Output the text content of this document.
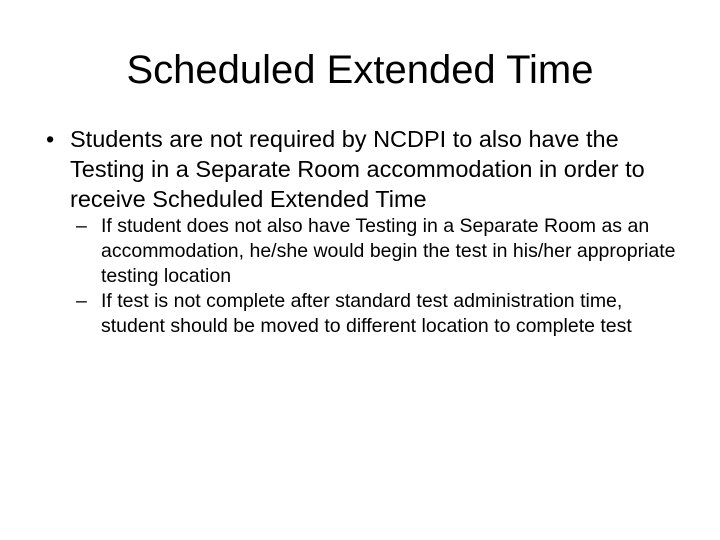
Scheduled Extended Time
• Students are not required by NCDPI to also have the Testing in a Separate Room accommodation in order to receive Scheduled Extended Time
– If student does not also have Testing in a Separate Room as an accommodation, he/she would begin the test in his/her appropriate testing location
– If test is not complete after standard test administration time, student should be moved to different location to complete test
